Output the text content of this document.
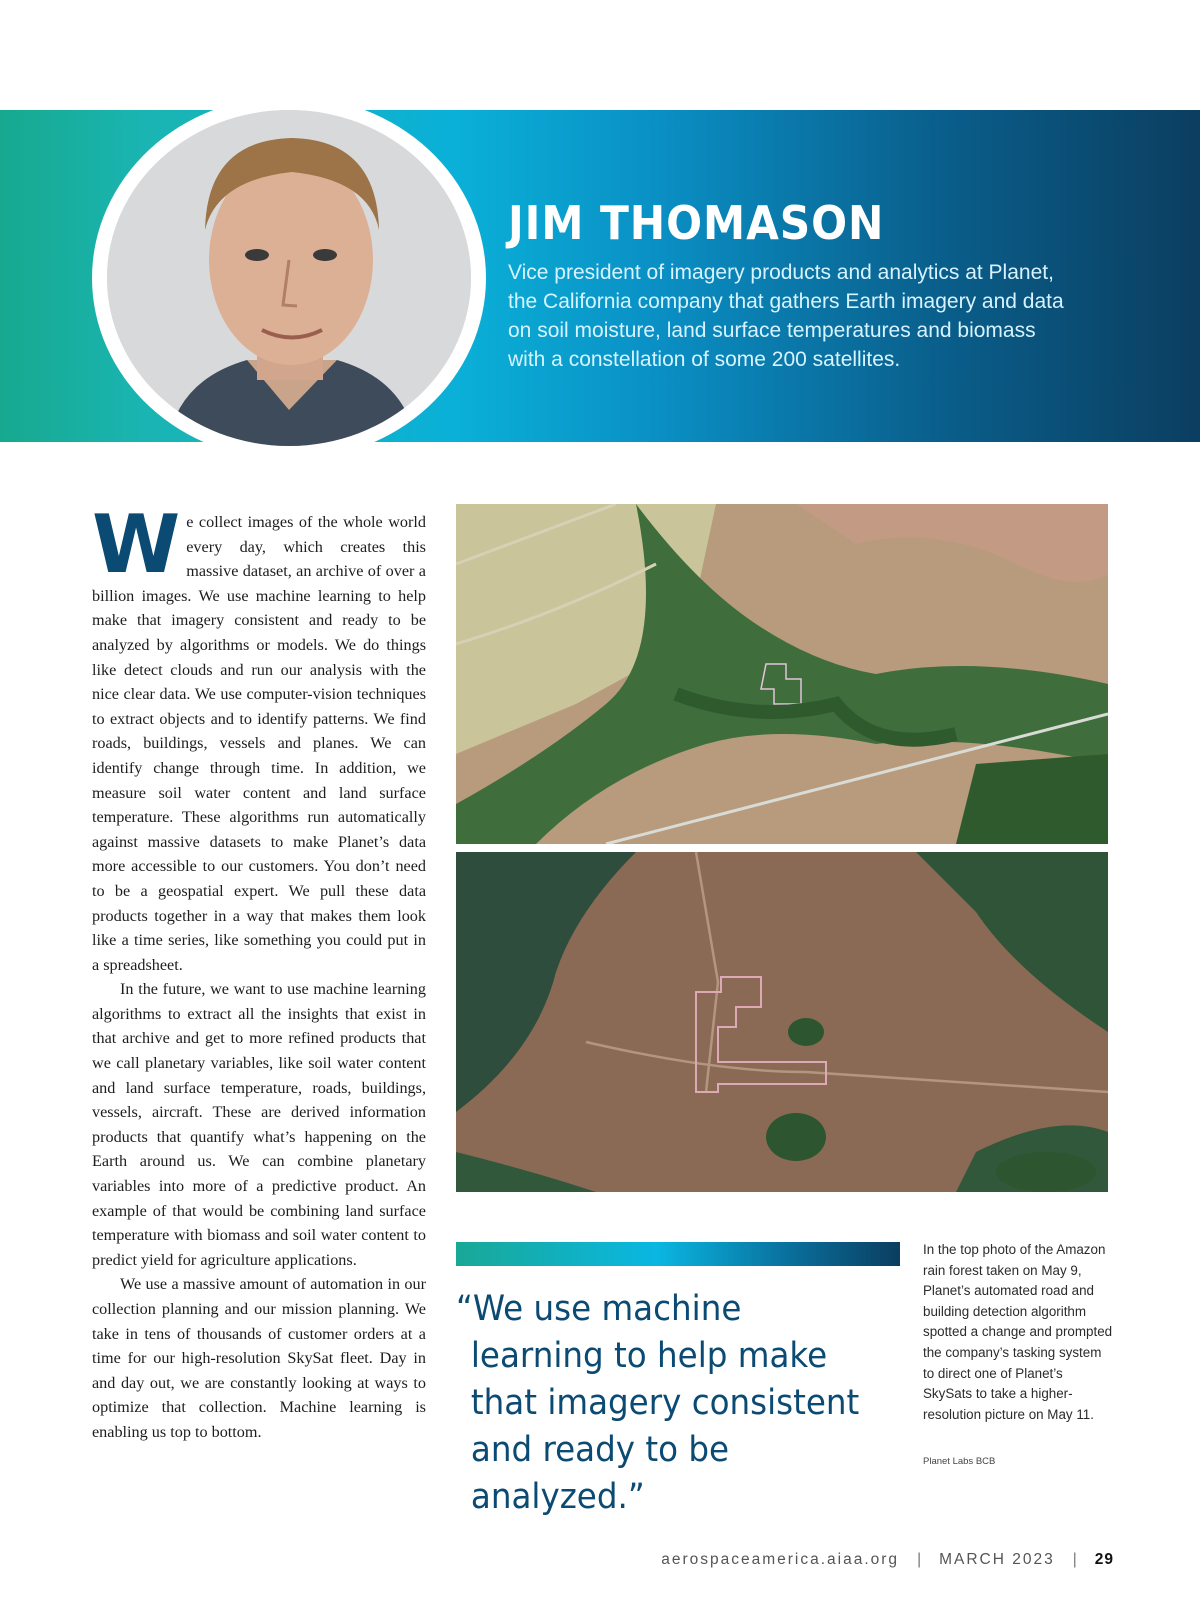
JIM THOMASON

Vice president of imagery products and analytics at Planet, the California company that gathers Earth imagery and data on soil moisture, land surface temperatures and biomass with a constellation of some 200 satellites.

We collect images of the whole world every day, which creates this massive dataset, an archive of over a billion images. We use machine learning to help make that imagery consistent and ready to be analyzed by algorithms or models. We do things like detect clouds and run our analysis with the nice clear data. We use computer-vision techniques to extract objects and to identify patterns. We find roads, buildings, vessels and planes. We can identify change through time. In addition, we measure soil water content and land surface temperature. These algorithms run automatically against massive datasets to make Planet’s data more accessible to our customers. You don’t need to be a geospatial expert. We pull these data products together in a way that makes them look like a time series, like something you could put in a spreadsheet.

In the future, we want to use machine learning algorithms to extract all the insights that exist in that archive and get to more refined products that we call planetary variables, like soil water content and land surface temperature, roads, buildings, vessels, aircraft. These are derived information products that quantify what’s happening on the Earth around us. We can combine planetary variables into more of a predictive product. An example of that would be combining land surface temperature with biomass and soil water content to predict yield for agriculture applications.

We use a massive amount of automation in our collection planning and our mission planning. We take in tens of thousands of customer orders at a time for our high-resolution SkySat fleet. Day in and day out, we are constantly looking at ways to optimize that collection. Machine learning is enabling us top to bottom.

“We use machine learning to help make that imagery consistent and ready to be analyzed.”

In the top photo of the Amazon rain forest taken on May 9, Planet’s automated road and building detection algorithm spotted a change and prompted the company’s tasking system to direct one of Planet’s SkySats to take a higher-resolution picture on May 11.

Planet Labs BCB

aerospaceamerica.aiaa.org | MARCH 2023 | 29
